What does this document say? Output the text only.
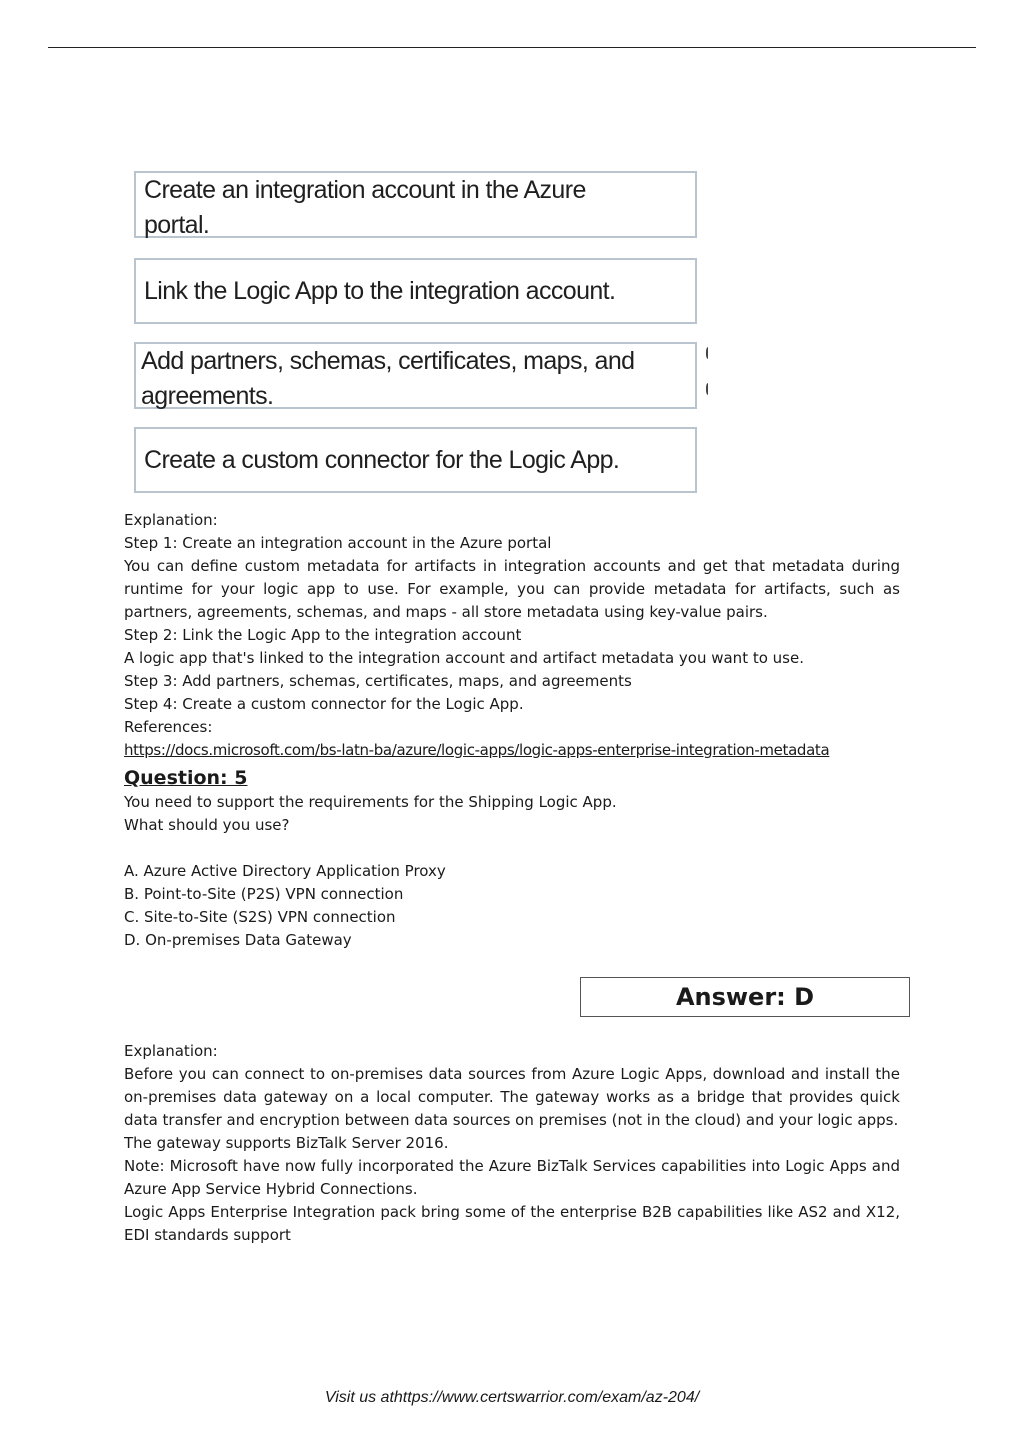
Create an integration account in the Azure
portal.
Link the Logic App to the integration account.
Add partners, schemas, certificates, maps, and
agreements.
Create a custom connector for the Logic App.

Explanation:

Step 1: Create an integration account in the Azure portal

You can define custom metadata for artifacts in integration accounts and get that metadata during runtime for your logic app to use. For example, you can provide metadata for artifacts, such as partners, agreements, schemas, and maps - all store metadata using key-value pairs.

Step 2: Link the Logic App to the integration account

A logic app that's linked to the integration account and artifact metadata you want to use.

Step 3: Add partners, schemas, certificates, maps, and agreements

Step 4: Create a custom connector for the Logic App.

References:

https://docs.microsoft.com/bs-latn-ba/azure/logic-apps/logic-apps-enterprise-integration-metadata

Question: 5

You need to support the requirements for the Shipping Logic App.

What should you use?

A. Azure Active Directory Application Proxy

B. Point-to-Site (P2S) VPN connection

C. Site-to-Site (S2S) VPN connection

D. On-premises Data Gateway

Answer: D

Explanation:

Before you can connect to on-premises data sources from Azure Logic Apps, download and install the on-premises data gateway on a local computer. The gateway works as a bridge that provides quick data transfer and encryption between data sources on premises (not in the cloud) and your logic apps.

The gateway supports BizTalk Server 2016.

Note: Microsoft have now fully incorporated the Azure BizTalk Services capabilities into Logic Apps and Azure App Service Hybrid Connections.

Logic Apps Enterprise Integration pack bring some of the enterprise B2B capabilities like AS2 and X12, EDI standards support

Visit us athttps://www.certswarrior.com/exam/az-204/
